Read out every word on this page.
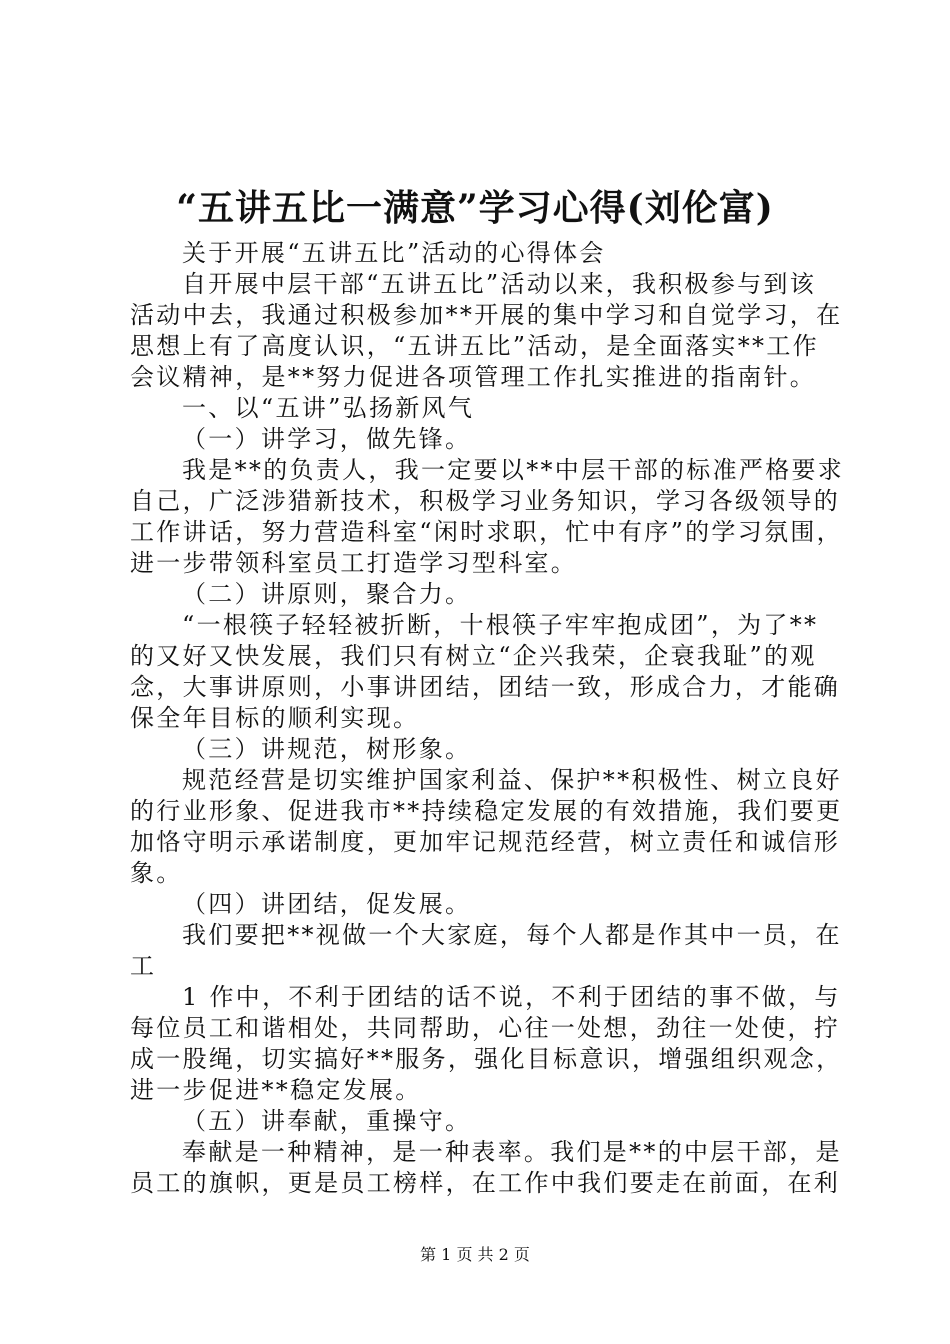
“五讲五比一满意”学习心得(刘伦富)
关于开展“五讲五比”活动的心得体会
自开展中层干部“五讲五比”活动以来，我积极参与到该
活动中去，我通过积极参加**开展的集中学习和自觉学习，在
思想上有了高度认识，“五讲五比”活动，是全面落实**工作
会议精神，是**努力促进各项管理工作扎实推进的指南针。
一、以“五讲”弘扬新风气
（一）讲学习，做先锋。
我是**的负责人，我一定要以**中层干部的标准严格要求
自己，广泛涉猎新技术，积极学习业务知识，学习各级领导的
工作讲话，努力营造科室“闲时求职，忙中有序”的学习氛围，
进一步带领科室员工打造学习型科室。
（二）讲原则，聚合力。
“一根筷子轻轻被折断，十根筷子牢牢抱成团”，为了**
的又好又快发展，我们只有树立“企兴我荣，企衰我耻”的观
念，大事讲原则，小事讲团结，团结一致，形成合力，才能确
保全年目标的顺利实现。
（三）讲规范，树形象。
规范经营是切实维护国家利益、保护**积极性、树立良好
的行业形象、促进我市**持续稳定发展的有效措施，我们要更
加恪守明示承诺制度，更加牢记规范经营，树立责任和诚信形
象。
（四）讲团结，促发展。
我们要把**视做一个大家庭，每个人都是作其中一员，在
工
1 作中，不利于团结的话不说，不利于团结的事不做，与
每位员工和谐相处，共同帮助，心往一处想，劲往一处使，拧
成一股绳，切实搞好**服务，强化目标意识，增强组织观念，
进一步促进**稳定发展。
（五）讲奉献，重操守。
奉献是一种精神，是一种表率。我们是**的中层干部，是
员工的旗帜，更是员工榜样，在工作中我们要走在前面，在利
第 1 页 共 2 页
